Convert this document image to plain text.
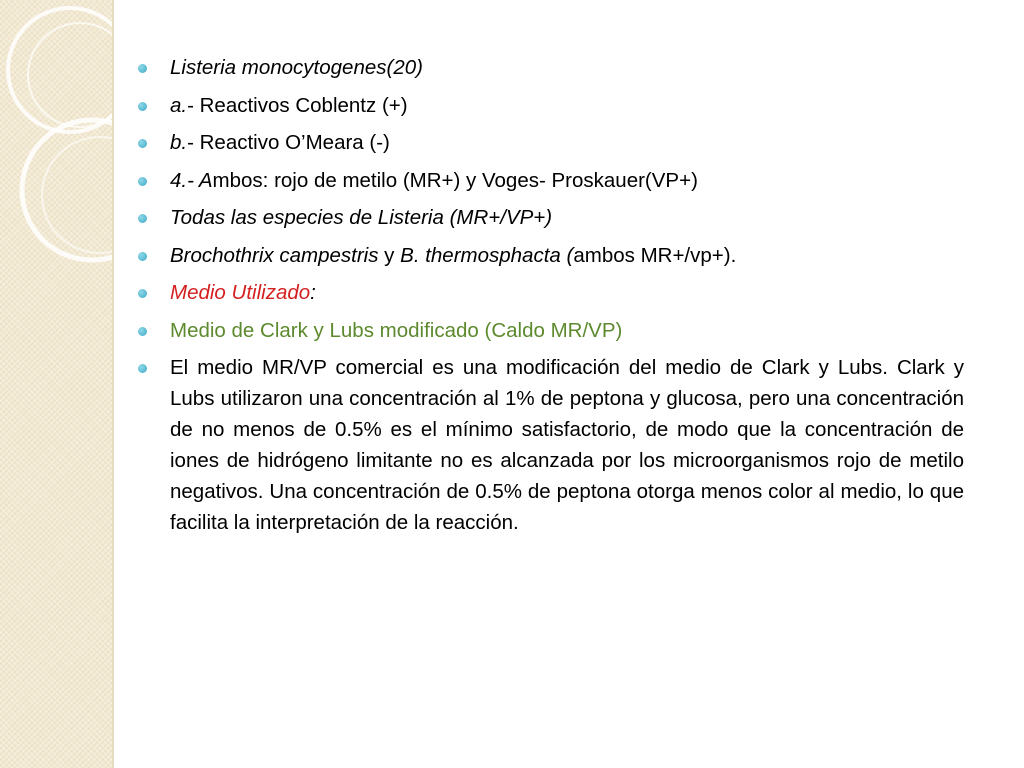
Listeria monocytogenes(20)
a.- Reactivos Coblentz (+)
b.- Reactivo O’Meara (-)
4.- Ambos: rojo de metilo (MR+) y Voges- Proskauer(VP+)
Todas las especies de Listeria (MR+/VP+)
Brochothrix campestris y B. thermosphacta (ambos MR+/vp+).
Medio Utilizado:
Medio de Clark y Lubs modificado (Caldo MR/VP)
El medio MR/VP comercial es una modificación del medio de Clark y Lubs. Clark y Lubs utilizaron una concentración al 1% de peptona y glucosa, pero una concentración de no menos de 0.5% es el mínimo satisfactorio, de modo que la concentración de iones de hidrógeno limitante no es alcanzada por los microorganismos rojo de metilo negativos. Una concentración de 0.5% de peptona otorga menos color al medio, lo que facilita la interpretación de la reacción.
